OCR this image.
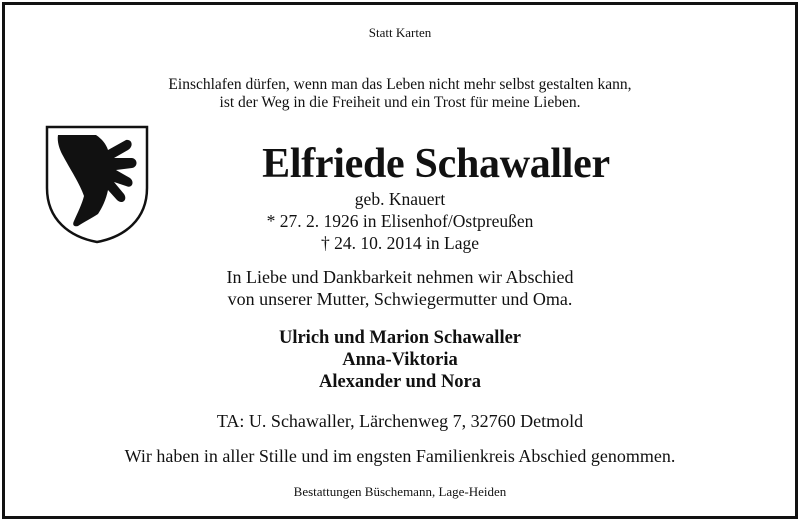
Statt Karten
Einschlafen dürfen, wenn man das Leben nicht mehr selbst gestalten kann,
ist der Weg in die Freiheit und ein Trost für meine Lieben.
Elfriede Schawaller
geb. Knauert
* 27. 2. 1926 in Elisenhof/Ostpreußen
† 24. 10. 2014 in Lage
In Liebe und Dankbarkeit nehmen wir Abschied
von unserer Mutter, Schwiegermutter und Oma.
Ulrich und Marion Schawaller
Anna-Viktoria
Alexander und Nora
TA: U. Schawaller, Lärchenweg 7, 32760 Detmold
Wir haben in aller Stille und im engsten Familienkreis Abschied genommen.
Bestattungen Büschemann, Lage-Heiden
